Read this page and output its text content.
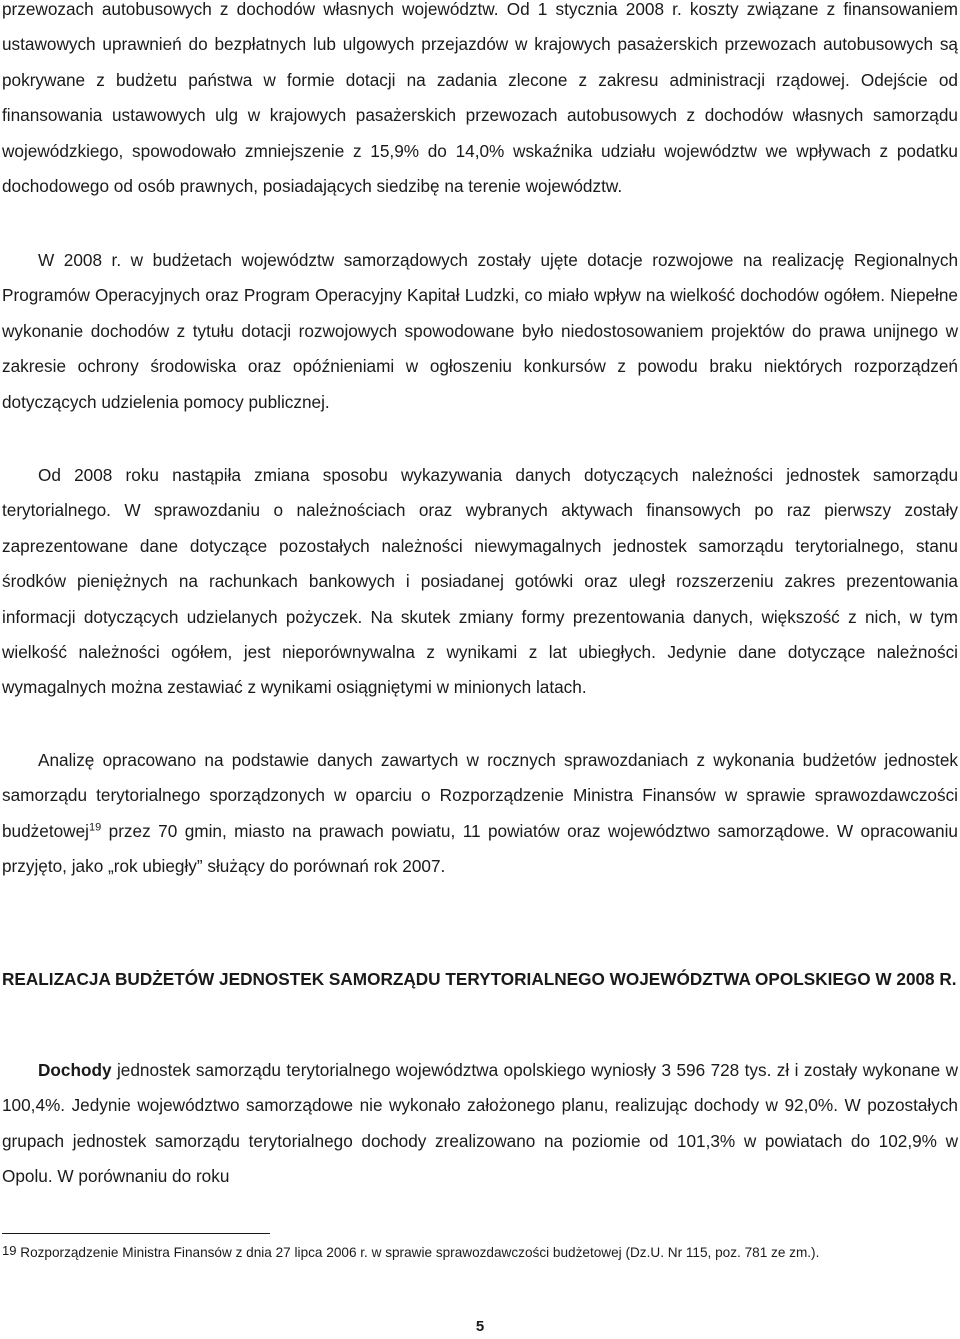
przewozach autobusowych z dochodów własnych województw. Od 1 stycznia 2008 r. koszty związane z finansowaniem ustawowych uprawnień do bezpłatnych lub ulgowych przejazdów w krajowych pasażerskich przewozach autobusowych są pokrywane z budżetu państwa w formie dotacji na zadania zlecone z zakresu administracji rządowej. Odejście od finansowania ustawowych ulg w krajowych pasażerskich przewozach autobusowych z dochodów własnych samorządu wojewódzkiego, spowodowało zmniejszenie z 15,9% do 14,0% wskaźnika udziału województw we wpływach z podatku dochodowego od osób prawnych, posiadających siedzibę na terenie województw.

W 2008 r. w budżetach województw samorządowych zostały ujęte dotacje rozwojowe na realizację Regionalnych Programów Operacyjnych oraz Program Operacyjny Kapitał Ludzki, co miało wpływ na wielkość dochodów ogółem. Niepełne wykonanie dochodów z tytułu dotacji rozwojowych spowodowane było niedostosowaniem projektów do prawa unijnego w zakresie ochrony środowiska oraz opóźnieniami w ogłoszeniu konkursów z powodu braku niektórych rozporządzeń dotyczących udzielenia pomocy publicznej.

Od 2008 roku nastąpiła zmiana sposobu wykazywania danych dotyczących należności jednostek samorządu terytorialnego. W sprawozdaniu o należnościach oraz wybranych aktywach finansowych po raz pierwszy zostały zaprezentowane dane dotyczące pozostałych należności niewymagalnych jednostek samorządu terytorialnego, stanu środków pieniężnych na rachunkach bankowych i posiadanej gotówki oraz uległ rozszerzeniu zakres prezentowania informacji dotyczących udzielanych pożyczek. Na skutek zmiany formy prezentowania danych, większość z nich, w tym wielkość należności ogółem, jest nieporównywalna z wynikami z lat ubiegłych. Jedynie dane dotyczące należności wymagalnych można zestawiać z wynikami osiągniętymi w minionych latach.

Analizę opracowano na podstawie danych zawartych w rocznych sprawozdaniach z wykonania budżetów jednostek samorządu terytorialnego sporządzonych w oparciu o Rozporządzenie Ministra Finansów w sprawie sprawozdawczości budżetowej$^{19}$ przez 70 gmin, miasto na prawach powiatu, 11 powiatów oraz województwo samorządowe. W opracowaniu przyjęto, jako „rok ubiegły” służący do porównań rok 2007.

REALIZACJA BUDŻETÓW JEDNOSTEK SAMORZĄDU TERYTORIALNEGO WOJEWÓDZTWA OPOLSKIEGO W 2008 R.

Dochody jednostek samorządu terytorialnego województwa opolskiego wyniosły 3 596 728 tys. zł i zostały wykonane w 100,4%. Jedynie województwo samorządowe nie wykonało założonego planu, realizując dochody w 92,0%. W pozostałych grupach jednostek samorządu terytorialnego dochody zrealizowano na poziomie od 101,3% w powiatach do 102,9% w Opolu. W porównaniu do roku

$^{19}$ Rozporządzenie Ministra Finansów z dnia 27 lipca 2006 r. w sprawie sprawozdawczości budżetowej (Dz.U. Nr 115, poz. 781 ze zm.).

5
